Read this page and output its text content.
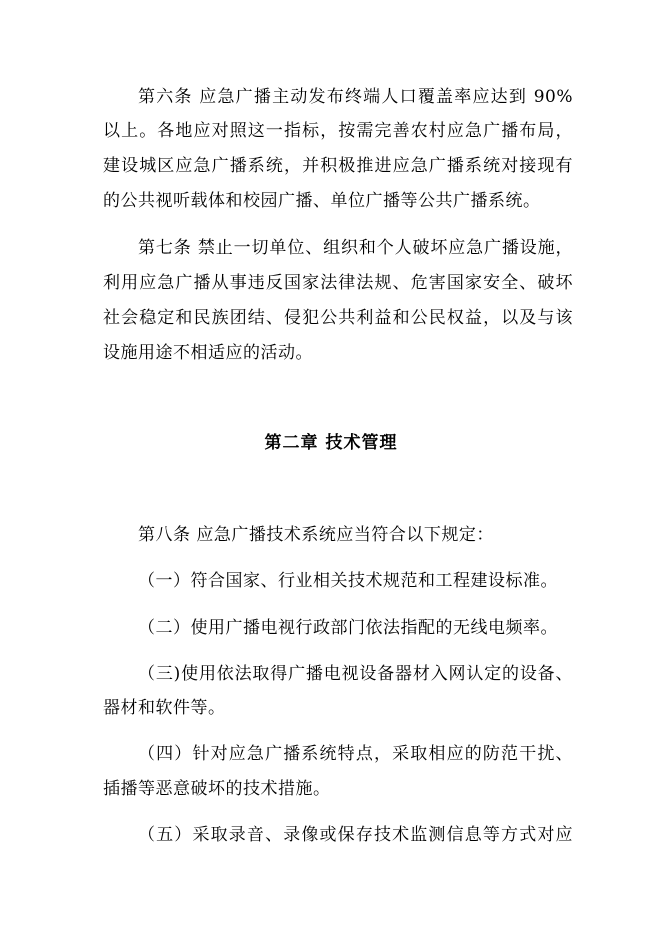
第六条 应急广播主动发布终端人口覆盖率应达到 90%
以上。各地应对照这一指标，按需完善农村应急广播布局，
建设城区应急广播系统，并积极推进应急广播系统对接现有
的公共视听载体和校园广播、单位广播等公共广播系统。
第七条 禁止一切单位、组织和个人破坏应急广播设施，
利用应急广播从事违反国家法律法规、危害国家安全、破坏
社会稳定和民族团结、侵犯公共利益和公民权益，以及与该
设施用途不相适应的活动。
第二章 技术管理
第八条 应急广播技术系统应当符合以下规定：
（一）符合国家、行业相关技术规范和工程建设标准。
（二）使用广播电视行政部门依法指配的无线电频率。
（三)使用依法取得广播电视设备器材入网认定的设备、
器材和软件等。
（四）针对应急广播系统特点，采取相应的防范干扰、
插播等恶意破坏的技术措施。
（五）采取录音、录像或保存技术监测信息等方式对应
